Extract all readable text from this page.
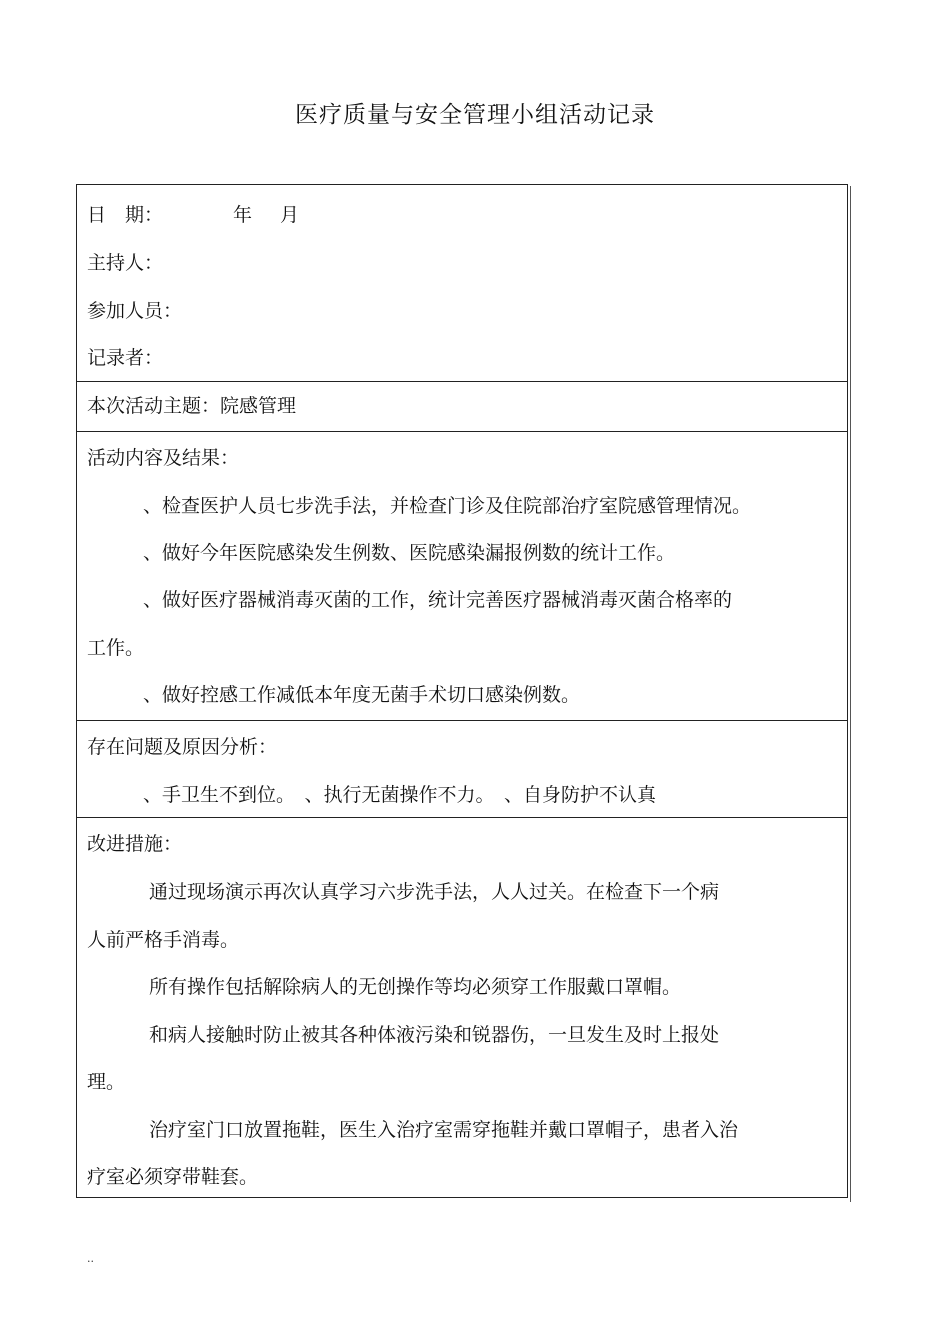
医疗质量与安全管理小组活动记录
日　期：	年 月
主持人：
参加人员：
记录者：
本次活动主题：院感管理
活动内容及结果：
、检查医护人员七步洗手法，并检查门诊及住院部治疗室院感管理情况。
、做好今年医院感染发生例数、医院感染漏报例数的统计工作。
、做好医疗器械消毒灭菌的工作，统计完善医疗器械消毒灭菌合格率的
工作。
、做好控感工作减低本年度无菌手术切口感染例数。
存在问题及原因分析：
、手卫生不到位。　、执行无菌操作不力。　、自身防护不认真
改进措施：
通过现场演示再次认真学习六步洗手法，人人过关。在检查下一个病
人前严格手消毒。
所有操作包括解除病人的无创操作等均必须穿工作服戴口罩帽。
和病人接触时防止被其各种体液污染和锐器伤，一旦发生及时上报处
理。
治疗室门口放置拖鞋，医生入治疗室需穿拖鞋并戴口罩帽子，患者入治
疗室必须穿带鞋套。
..
